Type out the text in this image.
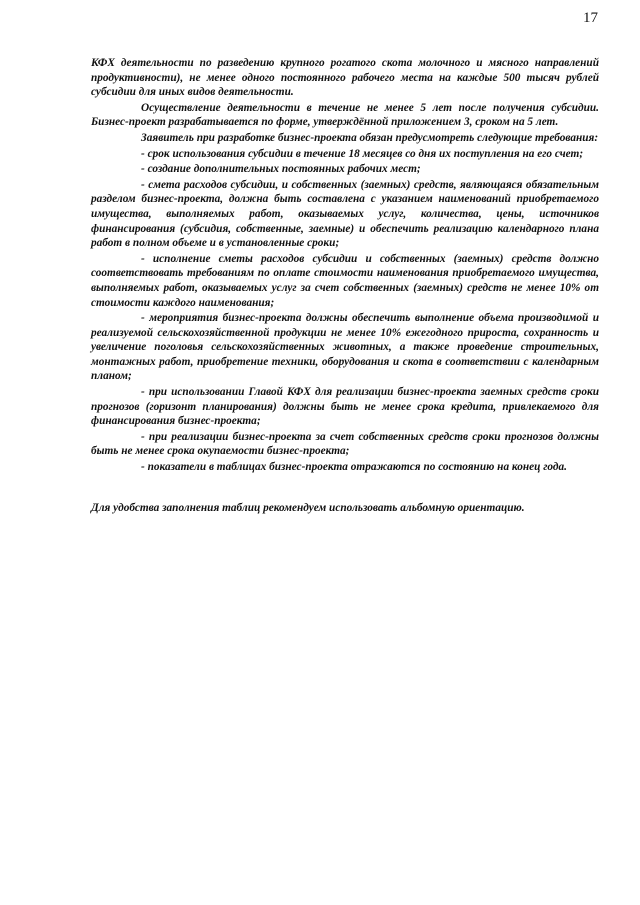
17

КФХ деятельности по разведению крупного рогатого скота молочного и мясного направлений продуктивности), не менее одного постоянного рабочего места на каждые 500 тысяч рублей субсидии для иных видов деятельности.

Осуществление деятельности в течение не менее 5 лет после получения субсидии. Бизнес-проект разрабатывается по форме, утверждённой приложением 3, сроком на 5 лет.

Заявитель при разработке бизнес-проекта обязан предусмотреть следующие требования:

- срок использования субсидии в течение 18 месяцев со дня их поступления на его счет;

- создание дополнительных постоянных рабочих мест;

- смета расходов субсидии, и собственных (заемных) средств, являющаяся обязательным разделом бизнес-проекта, должна быть составлена с указанием наименований приобретаемого имущества, выполняемых работ, оказываемых услуг, количества, цены, источников финансирования (субсидия, собственные, заемные) и обеспечить реализацию календарного плана работ в полном объеме и в установленные сроки;

- исполнение сметы расходов субсидии и собственных (заемных) средств должно соответствовать требованиям по оплате стоимости наименования приобретаемого имущества, выполняемых работ, оказываемых услуг за счет собственных (заемных) средств не менее 10% от стоимости каждого наименования;

- мероприятия бизнес-проекта должны обеспечить выполнение объема производимой и реализуемой сельскохозяйственной продукции не менее 10% ежегодного прироста, сохранность и увеличение поголовья сельскохозяйственных животных, а также проведение строительных, монтажных работ, приобретение техники, оборудования и скота в соответствии с календарным планом;

- при использовании Главой КФХ для реализации бизнес-проекта заемных средств сроки прогнозов (горизонт планирования) должны быть не менее срока кредита, привлекаемого для финансирования бизнес-проекта;

- при реализации бизнес-проекта за счет собственных средств сроки прогнозов должны быть не менее срока окупаемости бизнес-проекта;

- показатели в таблицах бизнес-проекта отражаются по состоянию на конец года.

Для удобства заполнения таблиц рекомендуем использовать альбомную ориентацию.
